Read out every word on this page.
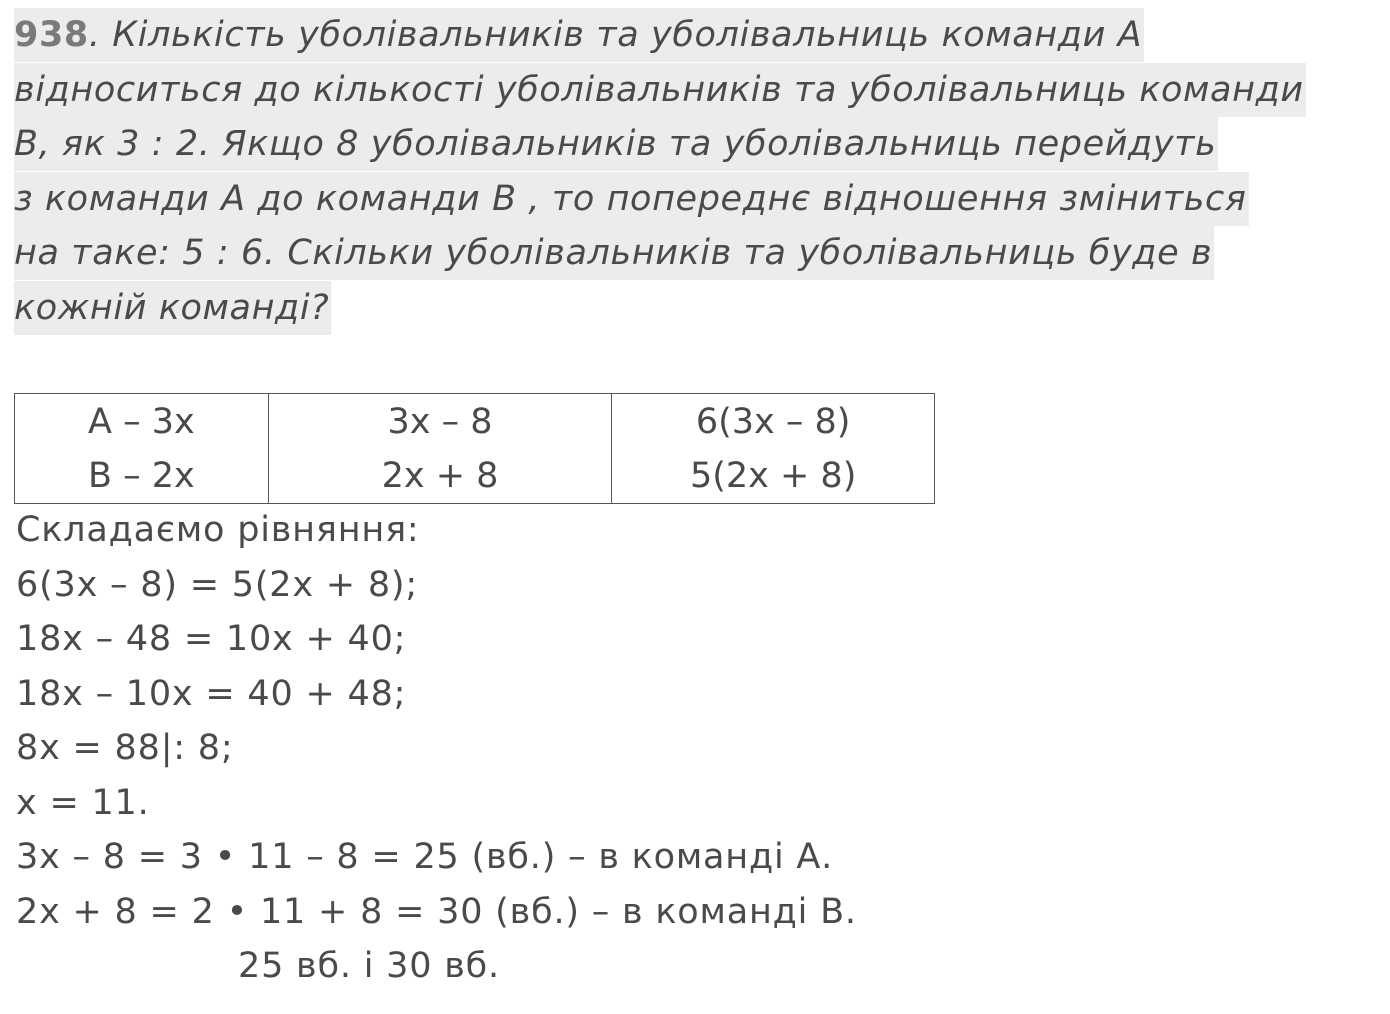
938. Кількість уболівальників та уболівальниць команди А
відноситься до кількості уболівальників та уболівальниць команди
В, як 3 : 2. Якщо 8 уболівальників та уболівальниць перейдуть
з команди А до команди В , то попереднє відношення зміниться
на таке: 5 : 6. Скільки уболівальників та уболівальниць буде в
кожній команді?
А – 3x
В – 2x

3x – 8
2x + 8

6(3x – 8)
5(2x + 8)
Складаємо рівняння:
6(3x – 8) = 5(2x + 8);
18x – 48 = 10x + 40;
18x – 10x = 40 + 48;
8x = 88|: 8;
x = 11.
3x – 8 = 3 • 11 – 8 = 25 (вб.) – в команді А.
2x + 8 = 2 • 11 + 8 = 30 (вб.) – в команді В.
25 вб. і 30 вб.
